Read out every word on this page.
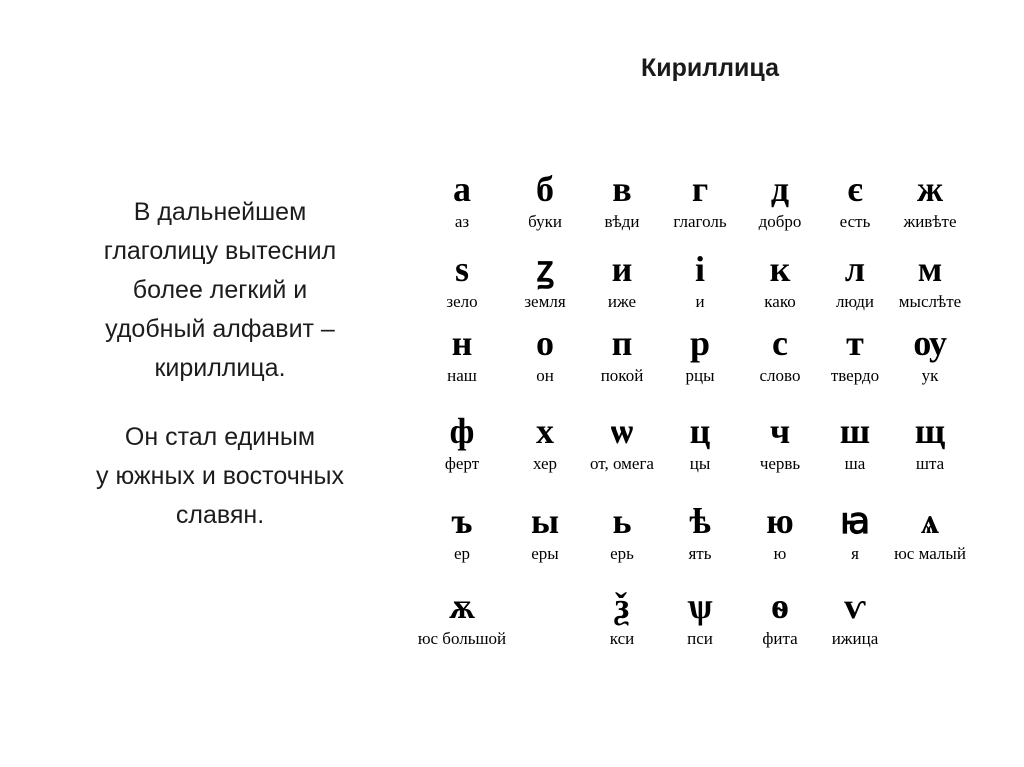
Кириллица
В дальнейшем
глаголицу вытеснил
более легкий и
удобный алфавит –
кириллица.
Он стал единым
у южных и восточных
славян.
а
аз
б
буки
в
вѣди
г
глаголь
д
добро
є
есть
ж
живѣте
ѕ
зело
ꙁ
земля
и
иже
і
и
к
како
л
люди
м
мыслѣте
н
наш
о
он
п
покой
р
рцы
с
слово
т
твердо
ѹ
ук
ф
ферт
х
хер
ѡ
от, омега
ц
цы
ч
червь
ш
ша
щ
шта
ъ
ер
ы
еры
ь
ерь
ѣ
ять
ю
ю
ꙗ
я
ѧ
юс малый
ѫ
юс большой
ѯ
кси
ѱ
пси
ѳ
фита
ѵ
ижица
